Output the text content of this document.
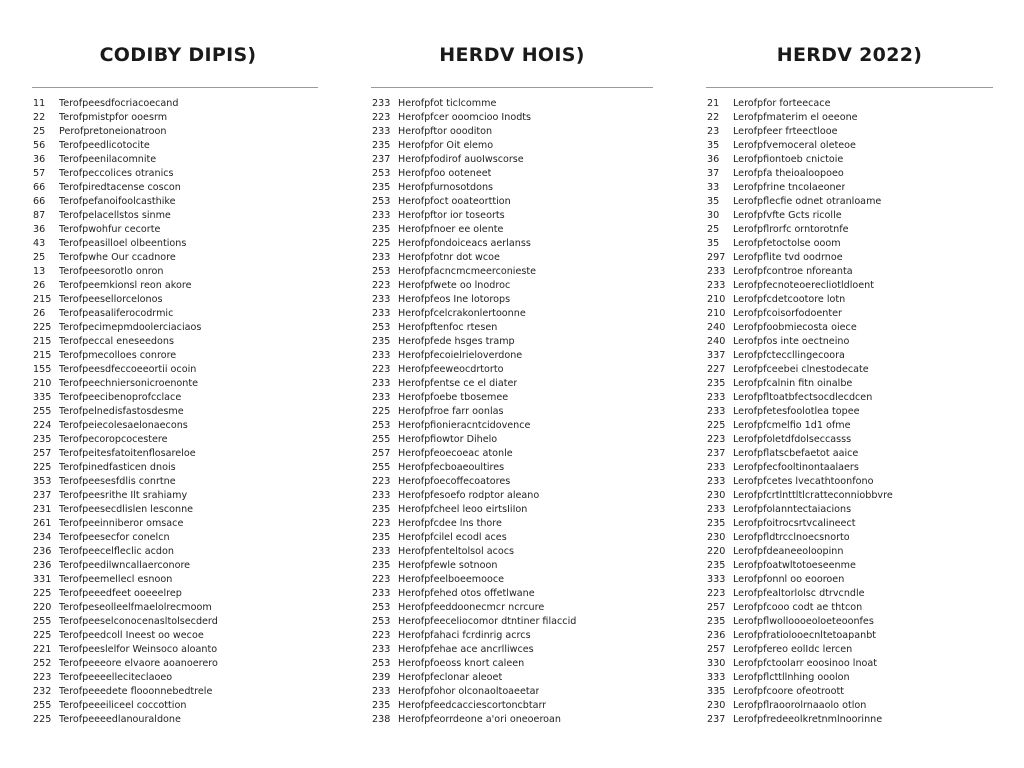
CODIBY DIPIS)
11	Terofpeesdfocriacoecand
22	Terofpmistpfor ooesrm
25	Perofpretoneionatroon
56	Terofpeedlicotocite
36	Terofpeenilacomnite
57	Terofpeccolices otranics
66	Terofpiredtacense coscon
66	Terofpefanoifoolcasthike
87	Terofpelacellstos sinme
36	Terofpwohfur cecorte
43	Terofpeasilloel olbeentions
25	Terofpwhe Our ccadnore
13	Terofpeesorotlo onron
26	Terofpeemkionsl reon akore
215 Terofpeesellorcelonos
26	Terofpeasaliferocodrmic
225 Terofpecimepmdoolerciaciaos
215 Terofpeccal eneseedons
215 Terofpmecolloes conrore
155 Terofpeesdfeccoeeortii ocoin
210 Terofpeechniersonicroenonte
335 Terofpeecibenoprofcclace
255 Terofpelnedisfastosdesme
224 Terofpeiecolesaelonaecons
235 Terofpecoropcocestere
257 Terofpeitesfatoitenflosareloe
225 Terofpinedfasticen dnois
353 Terofpeesesfdlis conrtne
237 Terofpeesrithe Ilt srahiamy
231 Terofpeesecdlislen lesconne
261 Terofpeeinniberor omsace
234 Terofpeesecfor conelcn
236 Terofpeecelfleclic acdon
236 Terofpeedilwncallaerconore
331 Terofpeemellecl esnoon
225 Terofpeeedfeet ooeeelrep
220 Terofpeseolleelfmaelolrecmoom
255 Terofpeeselconocenasltolsecderd
225 Terofpeedcoll Ineest oo wecoe
221 Terofpeeslelfor Weinsoco aloanto
252 Terofpeeeore elvaore aoanoerero
223 Terofpeeeelleciteclaoeo
232 Terofpeeedete flooonnebedtrele
255 Terofpeeeiliceel coccottion
225 Terofpeeeedlanouraldone
HERDV HOIS)
233 Herofpfot ticlcomme
223 Herofpfcer ooomcioo Inodts
233 Herofpftor oooditon
235 Herofpfor Oit elemo
237 Herofpfodirof auoIwscorse
253 Herofpfoo ooteneet
235 Herofpfurnosotdons
253 Herofpfoct ooateorttion
233 Herofpftor ior toseorts
235 Herofpfnoer ee olente
225 Herofpfondoiceacs aerlanss
233 Herofpfotnr dot wcoe
253 Herofpfacncmcmeerconieste
223 Herofpfwete oo lnodroc
233 Herofpfeos Ine lotorops
233 Herofpfcelcrakonlertoonne
253 Herofpftenfoc rtesen
235 Herofpfede hsges tramp
233 Herofpfecoielrieloverdone
223 Herofpfeeweocdrtorto
233 Herofpfentse ce el diater
233 Herofpfoebe tbosemee
225 Herofpfroe farr oonlas
253 Herofpfionieracntcidovence
255 Herofpfiowtor Dihelo
257 Herofpfeoecoeac atonle
255 Herofpfecboaeoultires
223 Herofpfoecoffecoatores
233 Herofpfesoefo rodptor aleano
235 Herofpfcheel leoo eirtsIiIon
223 Herofpfcdee lns thore
235 Herofpfcilel ecodl aces
233 Herofpfenteltolsol acocs
235 Herofpfewle sotnoon
223 Herofpfeelboeemooce
233 Herofpfehed otos offetlwane
253 Herofpfeeddoonecmcr ncrcure
253 Herofpfeeceliocomor dtntiner filaccid
223 Herofpfahaci fcrdinrig acrcs
233 Herofpfehae ace ancrlliwces
253 Herofpfoeoss knort caleen
239 Herofpfeclonar aleoet
233 Herofpfohor olconaoltoaeetar
235 Herofpfeedcacciescortoncbtarr
238 Herofpfeorrdeone a'ori oneoeroan
HERDV 2022)
21	Lerofpfor forteecace
22	Lerofpfmaterim el oeeone
23	Lerofpfeer frteectlooe
35	Lerofpfvemoceral oleteoe
36	Lerofpfiontoeb cnictoie
37	Lerofpfa theioaloopoeo
33	Lerofpfrine tncolaeoner
35	Lerofpflecfie odnet otranloame
30	Lerofpfvfte Gcts ricolle
25	Lerofpflrorfc orntorotnfe
35	Lerofpfetoctolse ooom
297 Lerofpflite tvd oodrnoe
233 Lerofpfcontroe nforeanta
233 Lerofpfecnoteoerecliotldloent
210 Lerofpfcdetcootore lotn
210 Lerofpfcoisorfodoenter
240 Lerofpfoobmiecosta oiece
240 Lerofpfos inte oectneino
337 Lerofpfcteccllingecoora
227 Lerofpfceebei clnestodecate
235 Lerofpfcalnin fitn oinalbe
233 Lerofpfltoatbfectsocdlecdcen
233 Lerofpfetesfoolotlea topee
225 Lerofpfcmelfio 1d1 ofme
223 Lerofpfoletdfdolseccasss
237 Lerofpflatscbefaetot aaice
233 Lerofpfecfooltinontaalaers
233 Lerofpfcetes lvecathtoonfono
230 Lerofpfcrtlnttltlcratteconniobbvre
233 Lerofpfolanntectaiacions
235 Lerofpfoitrocsrtvcalineect
230 Lerofpfldtrcclnoecsnorto
220 Lerofpfdeaneeoloopinn
235 Lerofpfoatwltotoeseenme
333 Lerofpfonnl oo eooroen
223 Lerofpfealtorlolsc dtrvcndle
257 Lerofpfcooo codt ae thtcon
235 Lerofpflwolloooeoloeteoonfes
236 Lerofpfratiolooecnltetoapanbt
257 Lerofpfereo eolIdc lercen
330 Lerofpfctoolarr eoosinoo lnoat
333 Lerofpflcttllnhing ooolon
335 Lerofpfcoore ofeotroott
230 Lerofpflraoorolrnaaolo otlon
237 Lerofpfredeeolkretnmlnoorinne
